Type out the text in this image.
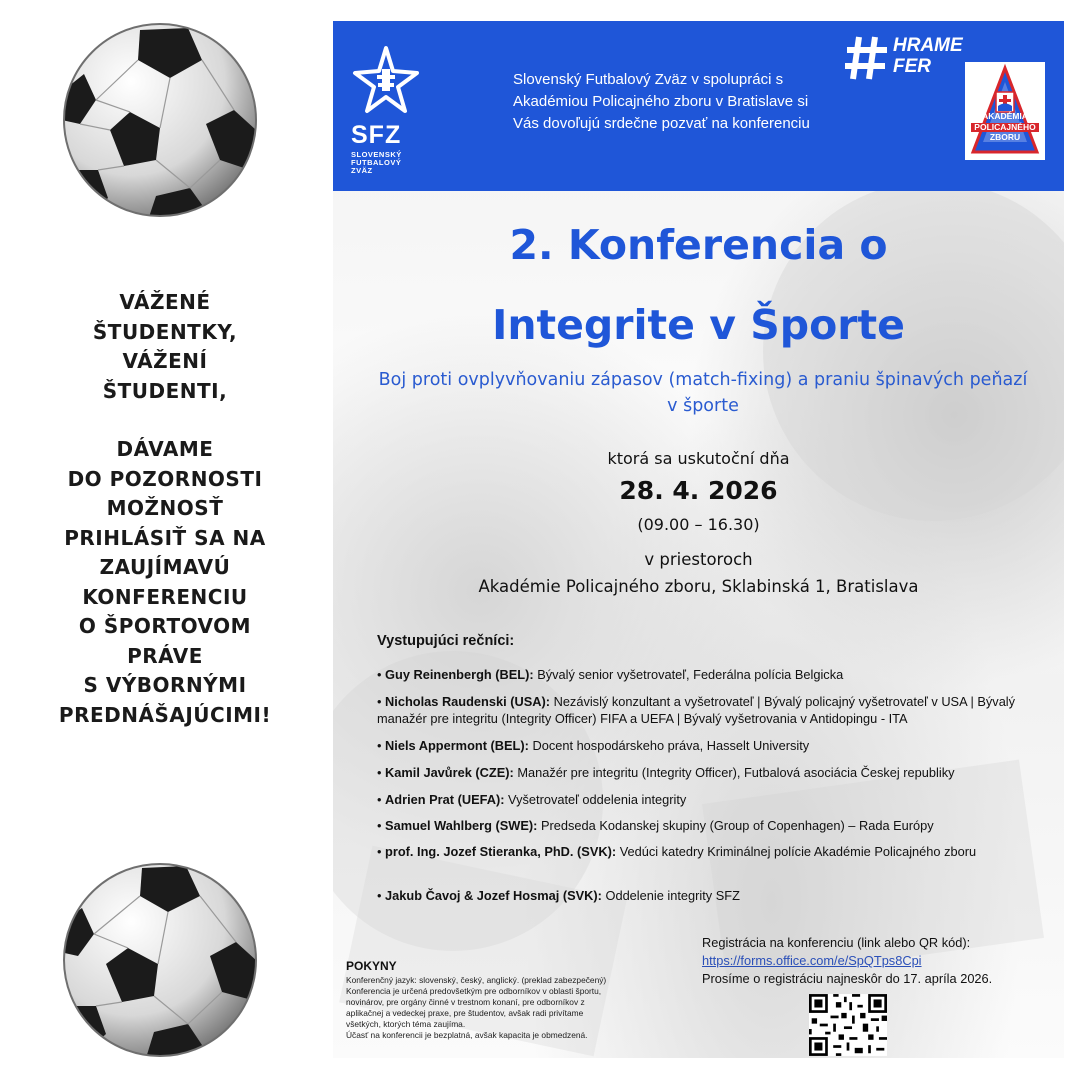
VÁŽENÉ
ŠTUDENTKY,
VÁŽENÍ
ŠTUDENTI,
DÁVAME
DO POZORNOSTI
MOŽNOSŤ
PRIHLÁSIŤ SA NA
ZAUJÍMAVÚ
KONFERENCIU
O ŠPORTOVOM
PRÁVE
S VÝBORNÝMI
PREDNÁŠAJÚCIMI!
SFZ
SLOVENSKÝ
FUTBALOVÝ
ZVÄZ
Slovenský Futbalový Zväz v spolupráci s
Akadémiou Policajného zboru v Bratislave si
Vás dovoľujú srdečne pozvať na konferenciu
HRAME
FER
AKADÉMIA
POLICAJNÉHO
ZBORU
2. Konferencia o
Integrite v Športe
Boj proti ovplyvňovaniu zápasov (match-fixing) a praniu špinavých peňazí v športe
ktorá sa uskutoční dňa
28. 4. 2026
(09.00 – 16.30)
v priestoroch
Akadémie Policajného zboru, Sklabinská 1, Bratislava
Vystupujúci rečníci:
• Guy Reinenbergh (BEL): Bývalý senior vyšetrovateľ, Federálna polícia Belgicka
• Nicholas Raudenski (USA): Nezávislý konzultant a vyšetrovateľ | Bývalý policajný vyšetrovateľ v USA | Bývalý manažér pre integritu (Integrity Officer) FIFA a UEFA | Bývalý vyšetrovania v Antidopingu - ITA
• Niels Appermont (BEL): Docent hospodárskeho práva, Hasselt University
• Kamil Javůrek (CZE): Manažér pre integritu (Integrity Officer), Futbalová asociácia Českej republiky
• Adrien Prat (UEFA): Vyšetrovateľ oddelenia integrity
• Samuel Wahlberg (SWE): Predseda Kodanskej skupiny (Group of Copenhagen) – Rada Európy
• prof. Ing. Jozef Stieranka, PhD. (SVK): Vedúci katedry Kriminálnej polície Akadémie Policajného zboru
• Jakub Čavoj & Jozef Hosmaj (SVK): Oddelenie integrity SFZ
Registrácia na konferenciu (link alebo QR kód):
https://forms.office.com/e/SpQTps8Cpi
Prosíme o registráciu najneskôr do 17. apríla 2026.
POKYNY
Konferenčný jazyk: slovenský, český, anglický. (preklad zabezpečený)
Konferencia je určená predovšetkým pre odborníkov v oblasti športu,
novinárov, pre orgány činné v trestnom konaní, pre odborníkov z
aplikačnej a vedeckej praxe, pre študentov, avšak radi privítame
všetkých, ktorých téma zaujíma.
Účasť na konferencii je bezplatná, avšak kapacita je obmedzená.
